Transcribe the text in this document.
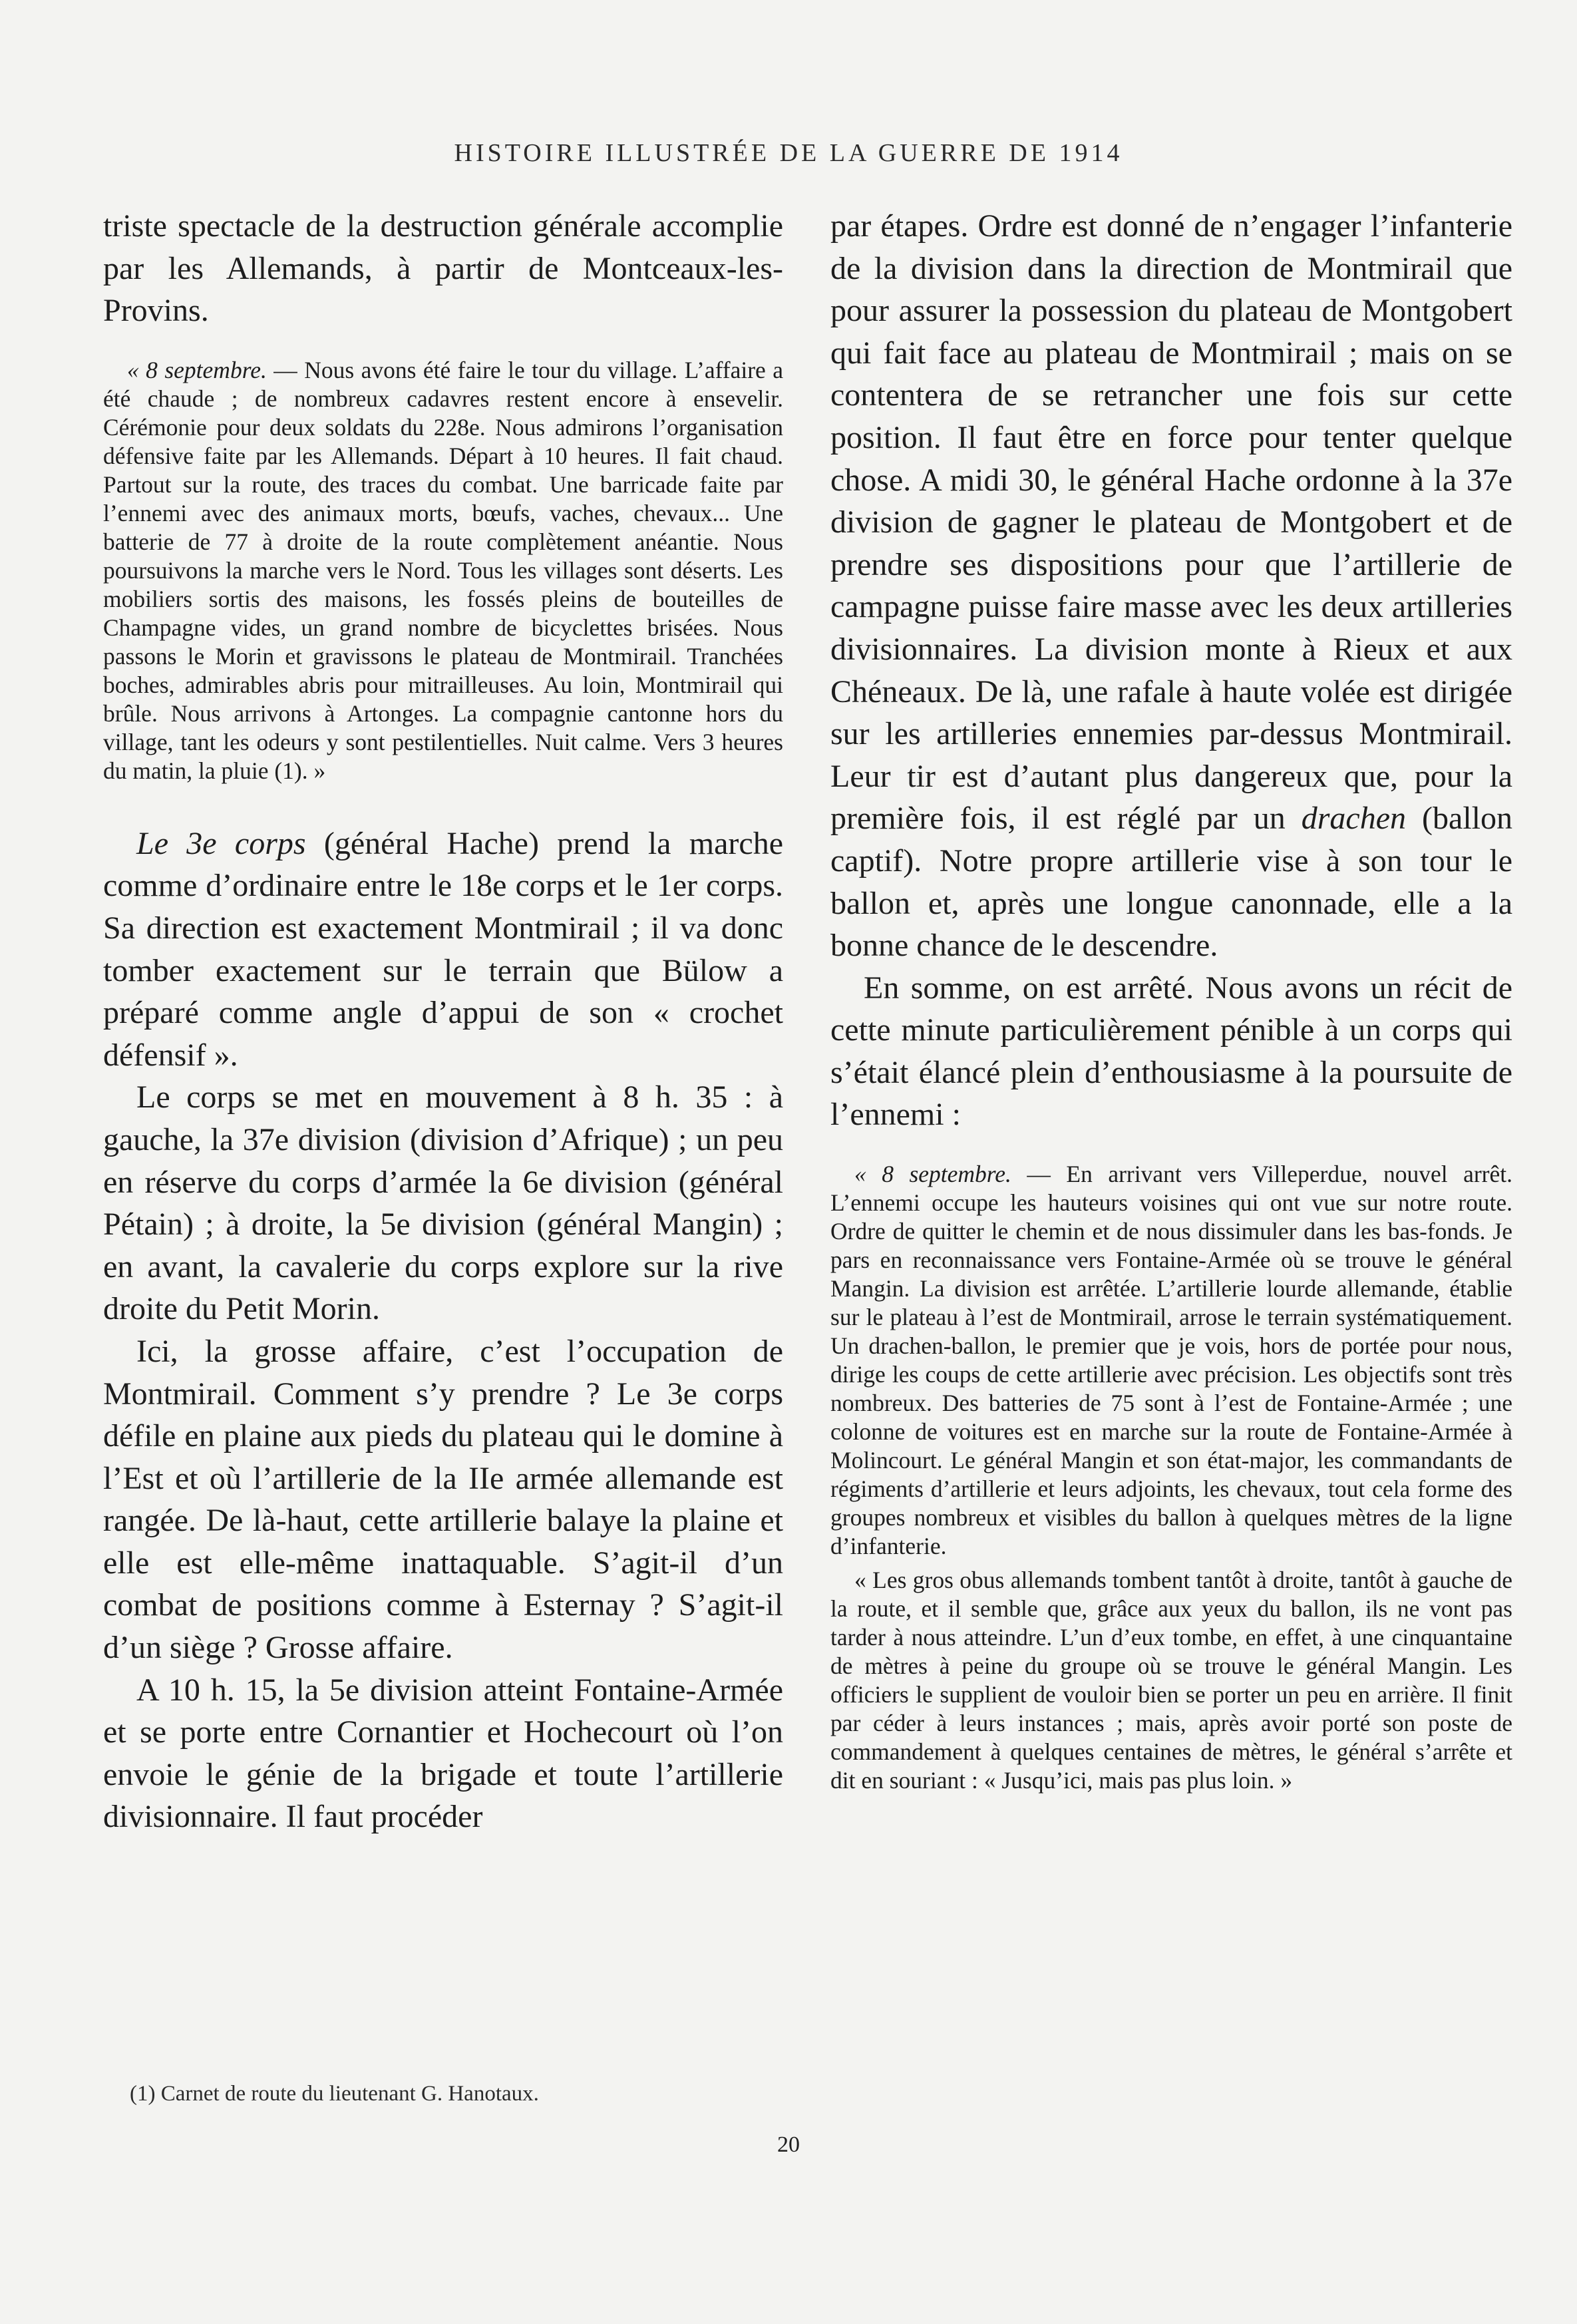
HISTOIRE ILLUSTRÉE DE LA GUERRE DE 1914

triste spectacle de la destruction générale accomplie par les Allemands, à partir de Montceaux-les-Provins.

« 8 septembre. — Nous avons été faire le tour du village. L’affaire a été chaude ; de nombreux cadavres restent encore à ensevelir. Cérémonie pour deux soldats du 228e. Nous admirons l’organisation défensive faite par les Allemands. Départ à 10 heures. Il fait chaud. Partout sur la route, des traces du combat. Une barricade faite par l’ennemi avec des animaux morts, bœufs, vaches, chevaux... Une batterie de 77 à droite de la route complètement anéantie. Nous poursuivons la marche vers le Nord. Tous les villages sont déserts. Les mobiliers sortis des maisons, les fossés pleins de bouteilles de Champagne vides, un grand nombre de bicyclettes brisées. Nous passons le Morin et gravissons le plateau de Montmirail. Tranchées boches, admirables abris pour mitrailleuses. Au loin, Montmirail qui brûle. Nous arrivons à Artonges. La compagnie cantonne hors du village, tant les odeurs y sont pestilentielles. Nuit calme. Vers 3 heures du matin, la pluie (1). »

Le 3e corps (général Hache) prend la marche comme d’ordinaire entre le 18e corps et le 1er corps. Sa direction est exactement Montmirail ; il va donc tomber exactement sur le terrain que Bülow a préparé comme angle d’appui de son « crochet défensif ».

Le corps se met en mouvement à 8 h. 35 : à gauche, la 37e division (division d’Afrique) ; un peu en réserve du corps d’armée la 6e division (général Pétain) ; à droite, la 5e division (général Mangin) ; en avant, la cavalerie du corps explore sur la rive droite du Petit Morin.

Ici, la grosse affaire, c’est l’occupation de Montmirail. Comment s’y prendre ? Le 3e corps défile en plaine aux pieds du plateau qui le domine à l’Est et où l’artillerie de la IIe armée allemande est rangée. De là-haut, cette artillerie balaye la plaine et elle est elle-même inattaquable. S’agit-il d’un combat de positions comme à Esternay ? S’agit-il d’un siège ? Grosse affaire.

A 10 h. 15, la 5e division atteint Fontaine-Armée et se porte entre Cornantier et Hochecourt où l’on envoie le génie de la brigade et toute l’artillerie divisionnaire. Il faut procéder

(1) Carnet de route du lieutenant G. Hanotaux.

par étapes. Ordre est donné de n’engager l’infanterie de la division dans la direction de Montmirail que pour assurer la possession du plateau de Montgobert qui fait face au plateau de Montmirail ; mais on se contentera de se retrancher une fois sur cette position. Il faut être en force pour tenter quelque chose. A midi 30, le général Hache ordonne à la 37e division de gagner le plateau de Montgobert et de prendre ses dispositions pour que l’artillerie de campagne puisse faire masse avec les deux artilleries divisionnaires. La division monte à Rieux et aux Chéneaux. De là, une rafale à haute volée est dirigée sur les artilleries ennemies par-dessus Montmirail. Leur tir est d’autant plus dangereux que, pour la première fois, il est réglé par un drachen (ballon captif). Notre propre artillerie vise à son tour le ballon et, après une longue canonnade, elle a la bonne chance de le descendre.

En somme, on est arrêté. Nous avons un récit de cette minute particulièrement pénible à un corps qui s’était élancé plein d’enthousiasme à la poursuite de l’ennemi :

« 8 septembre. — En arrivant vers Villeperdue, nouvel arrêt. L’ennemi occupe les hauteurs voisines qui ont vue sur notre route. Ordre de quitter le chemin et de nous dissimuler dans les bas-fonds. Je pars en reconnaissance vers Fontaine-Armée où se trouve le général Mangin. La division est arrêtée. L’artillerie lourde allemande, établie sur le plateau à l’est de Montmirail, arrose le terrain systématiquement. Un drachen-ballon, le premier que je vois, hors de portée pour nous, dirige les coups de cette artillerie avec précision. Les objectifs sont très nombreux. Des batteries de 75 sont à l’est de Fontaine-Armée ; une colonne de voitures est en marche sur la route de Fontaine-Armée à Molincourt. Le général Mangin et son état-major, les commandants de régiments d’artillerie et leurs adjoints, les chevaux, tout cela forme des groupes nombreux et visibles du ballon à quelques mètres de la ligne d’infanterie.

« Les gros obus allemands tombent tantôt à droite, tantôt à gauche de la route, et il semble que, grâce aux yeux du ballon, ils ne vont pas tarder à nous atteindre. L’un d’eux tombe, en effet, à une cinquantaine de mètres à peine du groupe où se trouve le général Mangin. Les officiers le supplient de vouloir bien se porter un peu en arrière. Il finit par céder à leurs instances ; mais, après avoir porté son poste de commandement à quelques centaines de mètres, le général s’arrête et dit en souriant : « Jusqu’ici, mais pas plus loin. »

20
